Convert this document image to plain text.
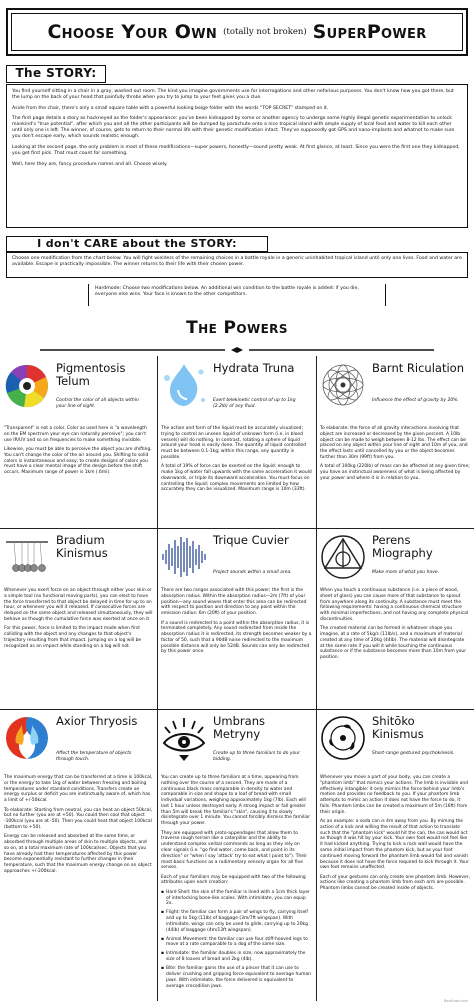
Choose Your Own (totally not broken) SuperPower
The STORY:

You find yourself sitting in a chair in a gray, washed out room. The kind you imagine governments use for interrogations and other nefarious purposes. You don't know how you got there, but the lump on the back of your head that painfully throbs when you try to jump to your feet gives you a clue.

Aside from the chair, there's only a small square table with a powerful looking beige folder with the words "TOP SECRET" stamped on it.

The first page details a story as hackneyed as the folder's appearance: you've been kidnapped by some or another agency to undergo some highly illegal genetic experimentation to unlock mankind's "true potential", after which you and all the other participants will be dumped by parachute onto a nice tropical island with ample supply of local food and water to kill each other until only one is left. The winner, of course, gets to return to their normal life with their genetic modification intact. They've supposedly got GPS and nano-implants and whatnot to make sure you don't escape early, which sounds realistic enough.

Looking at the second page, the only problem is most of these modifications—super powers, honestly—sound pretty weak. At first glance, at least. Since you were the first one they kidnapped, you get first pick. That must count for something.

Well, here they are, fancy procedure names and all. Choose wisely.

I don't CARE about the STORY:
Choose one modification from the chart below. You will fight wielders of the remaining choices in a battle royale in a generic uninhabited tropical island until only one lives. Food and water are available. Escape is practically impossible. The winner returns to their life with their chosen power.
Hardmode: Choose two modifications below. An additional win condition to the battle royale is added: if you die, everyone else wins. Your face is known to the other competitors.
The Powers
Pigmentosis Telum
Control the color of all objects within your line of sight.

"Transparent" is not a color. Color as used here is "a wavelength on the EM spectrum your eye can naturally perceive"; you can't use IR/UV and so on frequencies to make something invisible.

Likewise, you must be able to perceive the object you are shifting. You can't change the color of the air around you. Shifting to solid colors is instantaneous and easy; to create designs of colors you must have a clear mental image of the design before the shift occurs. Maximum range of power is 1km (.6mi).

Hydrata Truna
Exert telekinetic control of up to 1kg (2.2lb) of any fluid.

The action and form of the liquid must be accurately visualized; trying to control an unseen liquid of unknown form (i.e. in blood vessels) will do nothing. In contrast, rotating a sphere of liquid around your head is easily done. The quantity of liquid controlled must be between 0.1-1kg; within this range, any quantity is possible.

A total of 19% of force can be exerted on the liquid: enough to make 1kg of water fall upwards with the same acceleration it would downwards, or triple its downward acceleration. You must focus on controlling the liquid; complex movements are limited by how accurately they can be visualized. Maximum range is 10m (33ft).

Barnt Riculation
Influence the effect of gravity by 20%.

To elaborate: the force of all gravity interactions involving that object are increased or decreased by the given percent. A 10lb object can be made to weigh between 8-12 lbs. The effect can be placed on any object within your line of sight and 10m of you, and the effect lasts until cancelled by you or the object becomes further than 30m (99ft) from you.

A total of 100kg (220lb) of mass can be affected at any given time; you have an instinctual awareness of what is being affected by your power and where it is in relation to you.

Bradium Kinismus

Whenever you exert force on an object through either your skin or a simple tool (no functional moving parts), you can elect to have the force transferred to that object be delayed in time for up to an hour, or whenever you will it released. If consecutive forces are delayed on the same object and released simultaneously, they will behave as though the cumulative force was exerted at once on it.

For this power, force is limited to the impact made when first colliding with the object and any changes to that object's trajectory resulting from that impact. Jumping on a log will be recognized as an impact while standing on a log will not.

Trique Cuvier
Project sounds within a small area.

There are two ranges associated with this power; the first is the absorption radius. Within the absorption radius—2m (7ft) of your position—any sound waves that enter this area can be redirected with respect to position and direction to any point within the emission radius: 6m (20ft) of your position.

If a sound is redirected to a point within the absorption radius, it is terminated completely. Any sound redirected from inside the absorption radius it is redirected, its strength becomes weaker by a factor of 50, such that a 90dB noise redirected to the maximum possible distance will only be 52dB. Sounds can only be redirected by this power once.

Perens Miography
Make more of what you have.

When you touch a continuous substance (i.e. a piece of wood, sheet of glass) you can cause more of that substance to sprout from anywhere along its continuity. A substance must meet the following requirements: having a continuous chemical structure with minimal imperfections, and not having any complete physical discontinuities.

The created material can be formed in whatever shape you imagine, at a rate of 5kg/s (11lb/s), and a maximum of material created at any time of 20kg (44lb). The material will disintegrate at the same rate if you will it while touching the continuous substance or if the substance becomes more than 10m from your position.

Axior Thryosis
Affect the temperature of objects through touch.

The maximum energy that can be transferred at a time is 100kcal, or the energy to take 1kg of water between freezing and boiling temperatures under standard conditions. Transfers create an energy surplus or deficit you are instinctually aware of, which has a limit of +/-50kcal.

To elaborate: Starting from neutral, you can heat an object 50kcal, but no further (you are at +50). You could then cool that object -100kcal (you are at -50). Then you could heat that object 100kcal (bottom to +50).

Energy can be released and absorbed at the same time, or absorbed through multiple areas of skin to multiple objects, and so on, at a total maximum rate of 100kcal/sec. Objects that you have already had their temperatures affected by this power become exponentially resistant to further changes in their temperature, such that the maximum energy change on an object approaches +/-200kcal.

Umbrans Metryny
Create up to three familiars to do your bidding.

You can create up to three familiars at a time, appearing from nothing over the course of a second. They are made of a continuous black mass comparable in density to water and comparable in size and shape to a loaf of bread with small individual variations, weighing approximately 1kg (7lb). Each will last 1 hour unless destroyed early. A strong impact or fall greater than 5m will break the familiar's "skin", causing it to slowly disintegrate over 1 minute. You cannot forcibly dismiss the familiar through your power.

They are equipped with proto-appendages that allow them to traverse rough terrain like a caterpillar and the ability to understand complex verbal commands as long as they rely on clear signals (i.e. "go find water, come back, and point in its direction" or "when I say 'attack' try to eat what I point to"). Their most basic functions as a rudimentary sensory organ for all five senses.

Each of your familiars may be equipped with two of the following attributes upon each creation:

▪ Hard Shell: the skin of the familiar is lined with a 1cm thick layer of interlocking bone-like scales. With intimidate, you can equip 2x.
▪ Flight: the familiar can form a pair of wings to fly, carrying itself and up to 5kg (11lb) of baggage (3m/7ft wingspan). With intimidate, wings can only be used to glide, carrying up to 20kg (44lb) of baggage (4m/13ft wingspan).
▪ Animal Movement: the familiar can use four stiff-hooved legs to move at a rate comparable to a dog of the same size.
▪ Intimidate: the familiar doubles in size, now approximately the size of 8 loaves of bread and 2kg (4lb).
▪ Bite: the familiar gains the use of a pincer that it can use to deliver crushing and gripping force equivalent to average human jaws. With intimidate, the force delivered is equivalent to average crocodilian jaws.
Shitōko Kinismus
Short-range gestured psychokinesis.

Whenever you move a part of your body, you can create a "phantom limb" that mimics your actions. The limb is invisible and effectively intangible: it only mimics the force behind your limb's motion and provides no feedback to you. If your phantom limb attempts to mimic an action it does not have the force to do, it fails. Phantom limbs can be created a maximum of 5m (16ft) from their origin.

As an example: a soda can is 4m away from you. By miming the action of a kick and willing the result of that action to translate such that the "phantom kick" would hit the can, the can would act as though it was hit by your kick. Your own foot would not feel like it had kicked anything. Trying to kick a rock wall would have the same initial impact from the phantom kick, but as your foot continued moving forward the phantom limb would fail and vanish because it does not have the force required to kick through it. Your own foot remains unaffected.

Each of your gestures can only create one phantom limb. However, actions like creating a phantom limb from each arm are possible. Phantom limbs cannot be created inside of objects.

BeatLoot.com
